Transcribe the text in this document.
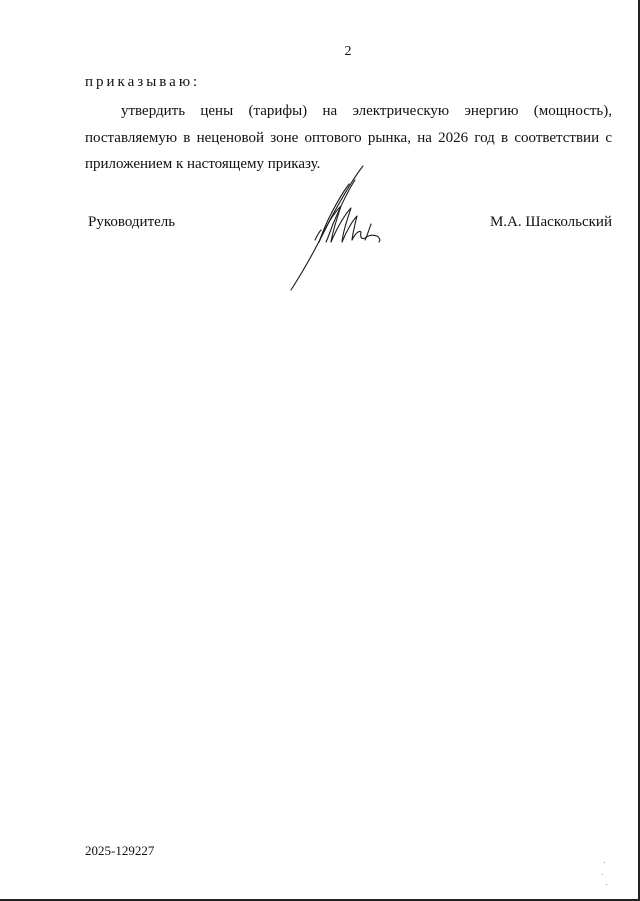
2
приказываю:

утвердить цены (тарифы) на электрическую энергию (мощность), поставляемую в неценовой зоне оптового рынка, на 2026 год в соответствии с приложением к настоящему приказу.

Руководитель	М.А. Шаскольский
2025-129227
